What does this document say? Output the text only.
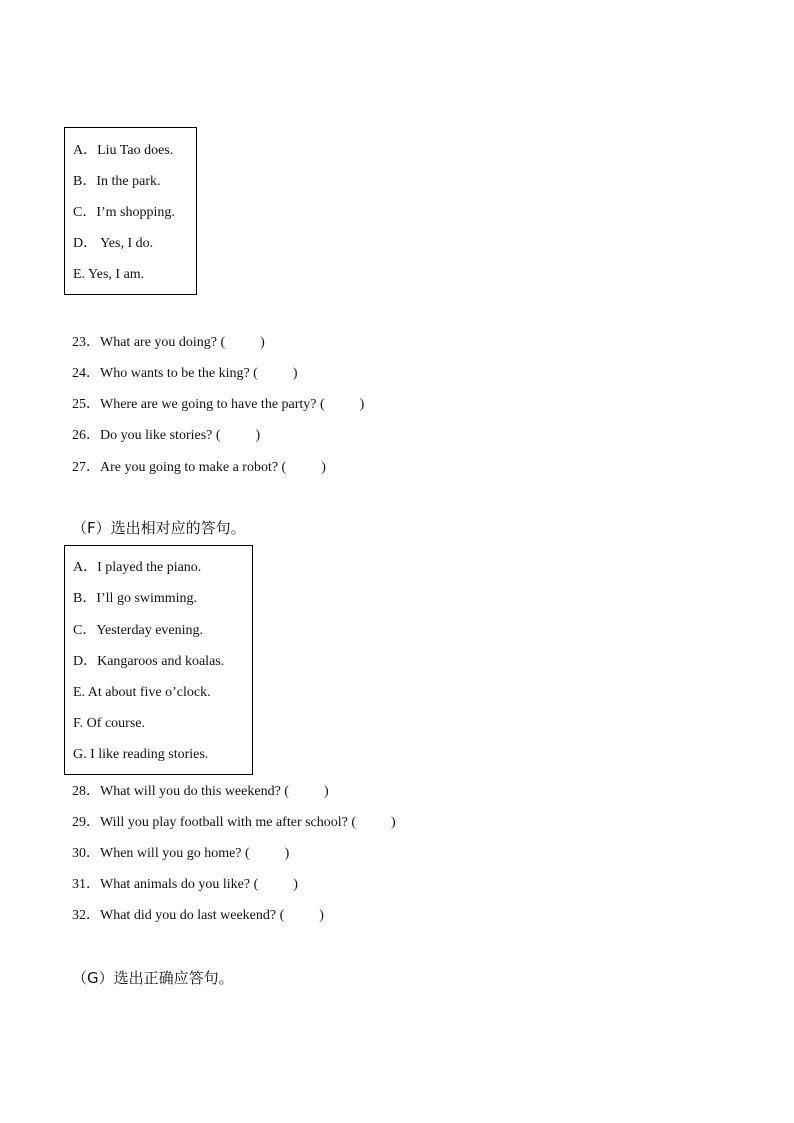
A．Liu Tao does.
B．In the park.
C．I’m shopping.
D． Yes, I do.
E. Yes, I am.
23．What are you doing? (          )
24．Who wants to be the king? (          )
25．Where are we going to have the party? (          )
26．Do you like stories? (          )
27．Are you going to make a robot? (          )
（F）选出相对应的答句。
A．I played the piano.
B．I’ll go swimming.
C．Yesterday evening.
D．Kangaroos and koalas.
E. At about five o’clock.
F. Of course.
G. I like reading stories.
28．What will you do this weekend? (          )
29．Will you play football with me after school? (          )
30．When will you go home? (          )
31．What animals do you like? (          )
32．What did you do last weekend? (          )
（G）选出正确应答句。
